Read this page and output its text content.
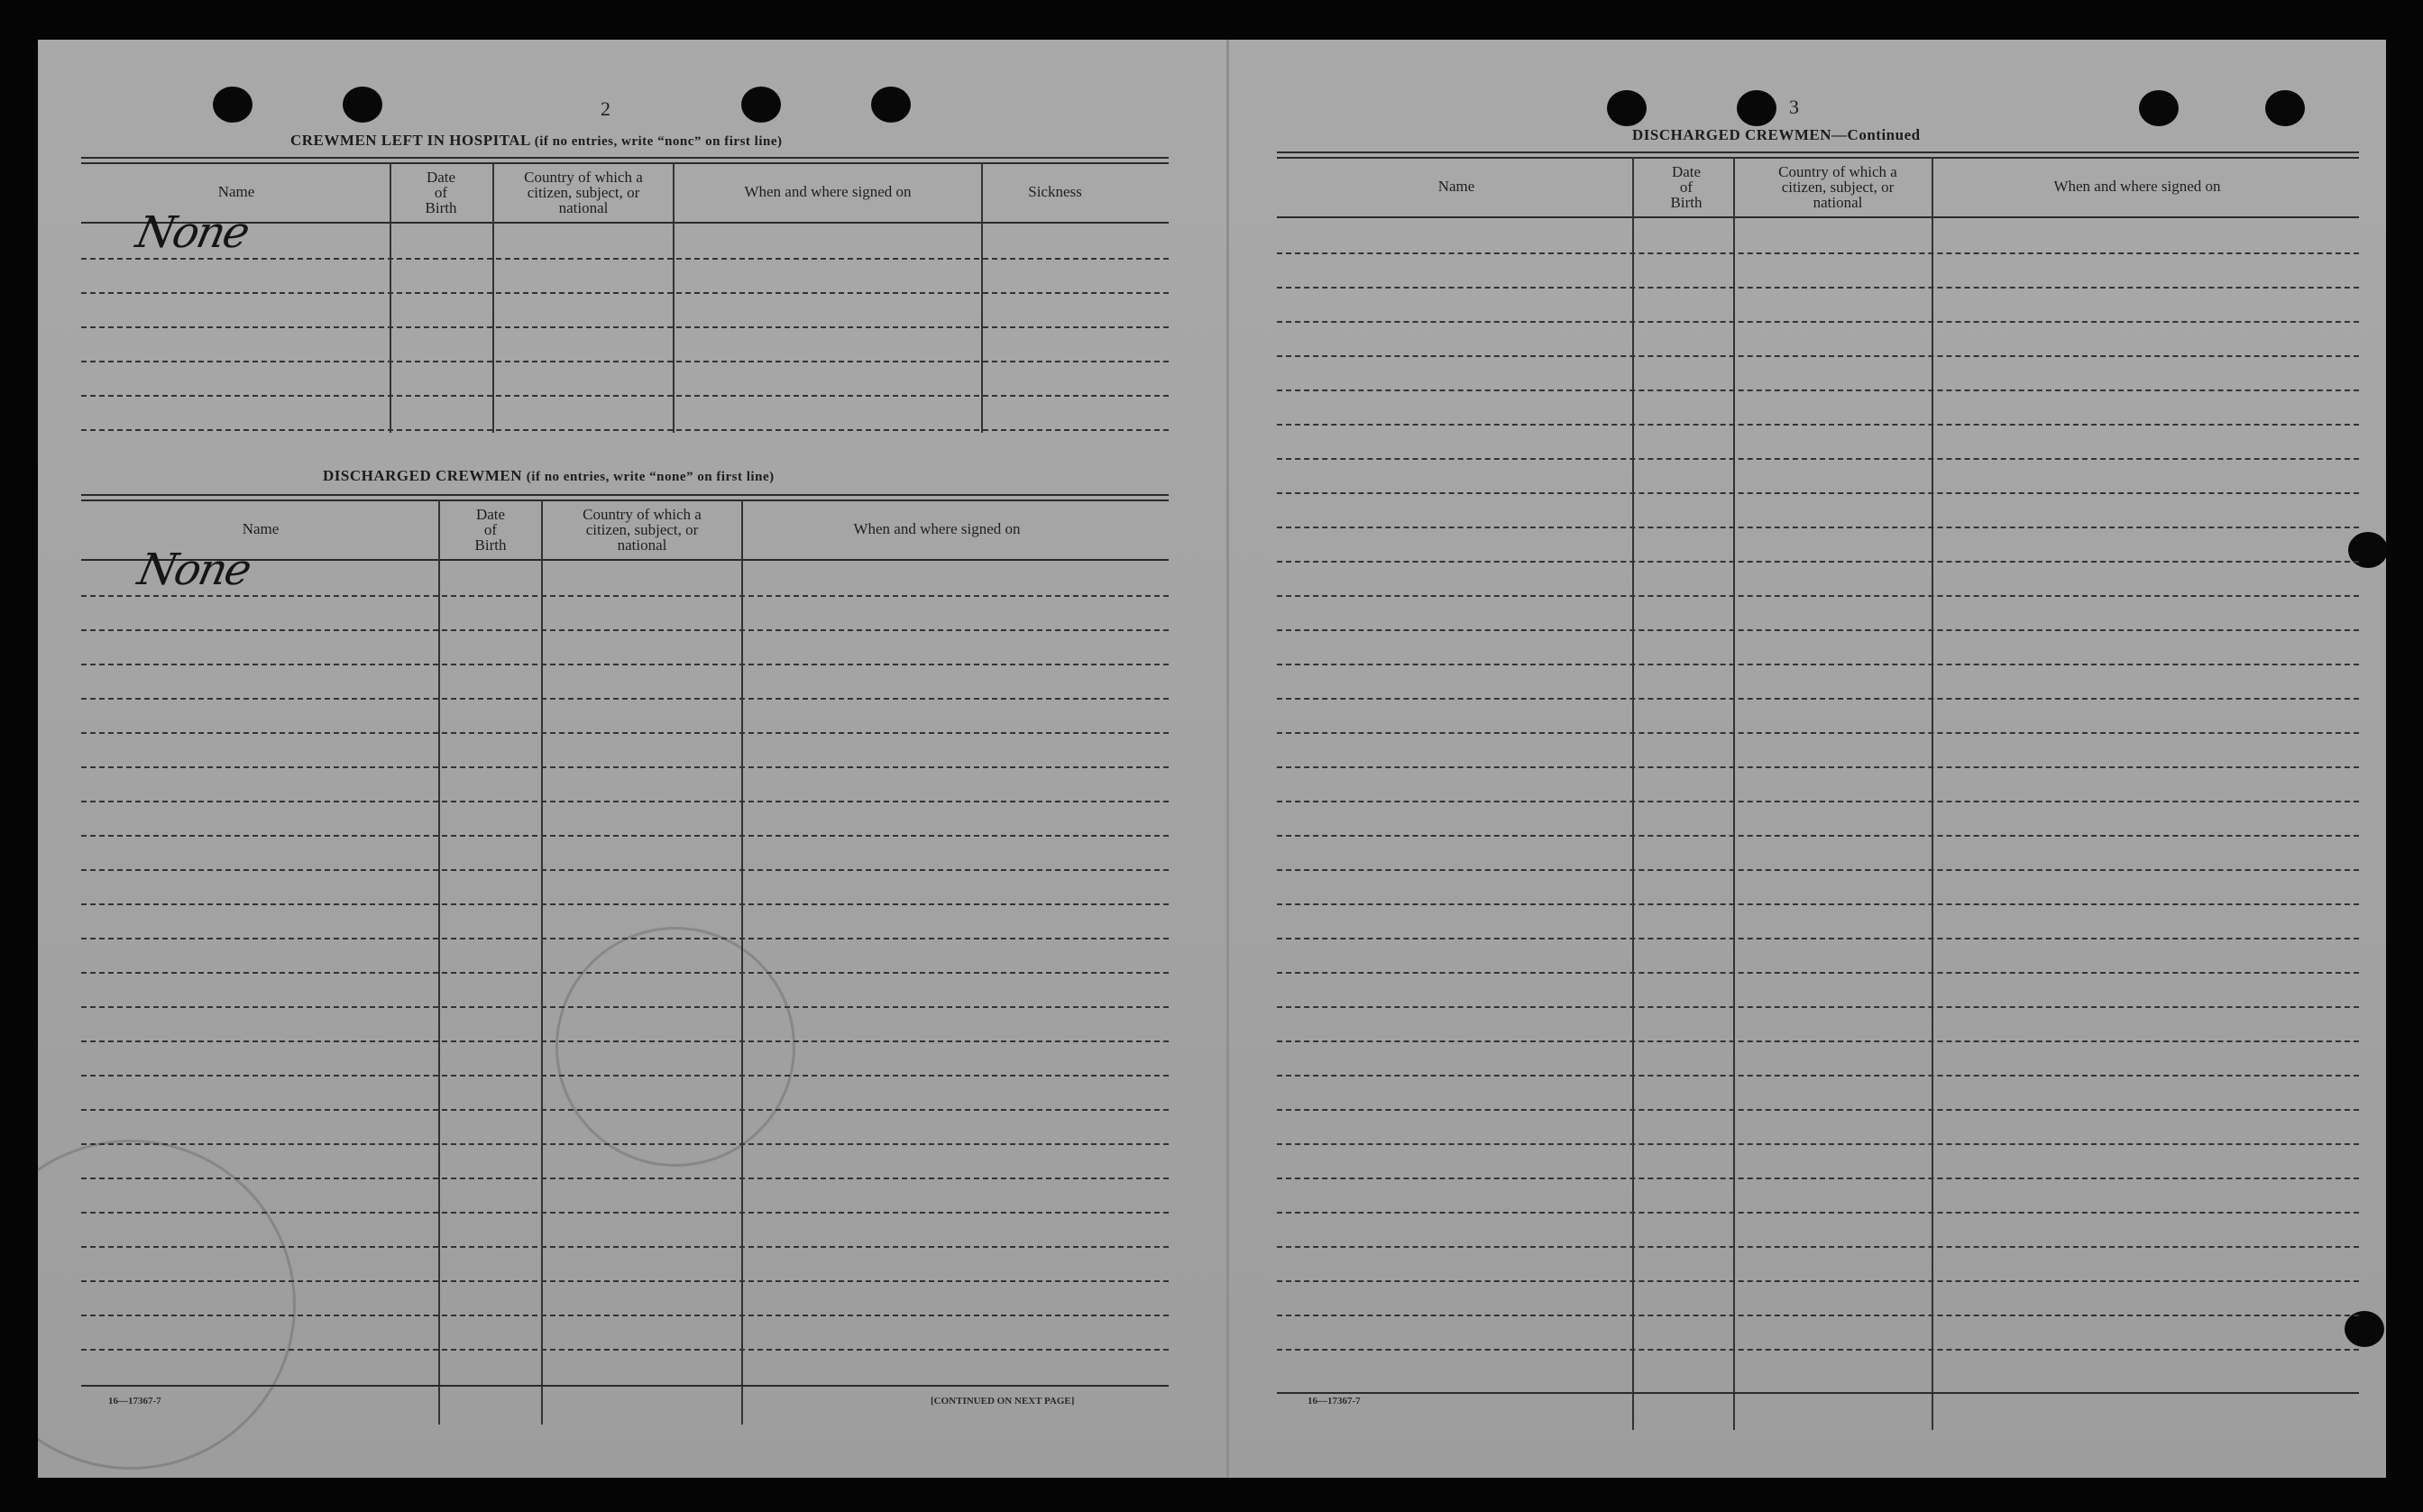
2
CREWMEN LEFT IN HOSPITAL (if no entries, write “nonc” on first line)
Name
Date
of
Birth
Country of which a
citizen, subject, or
national
When and where signed on	Sickness
None
DISCHARGED CREWMEN (if no entries, write “none” on first line)
Name
Date
of
Birth
Country of which a
citizen, subject, or
national
When and where signed on
None
16—17367-7	[CONTINUED ON NEXT PAGE]
3
DISCHARGED CREWMEN—Continued
Name
Date
of
Birth
Country of which a
citizen, subject, or
national
When and where signed on
16—17367-7
